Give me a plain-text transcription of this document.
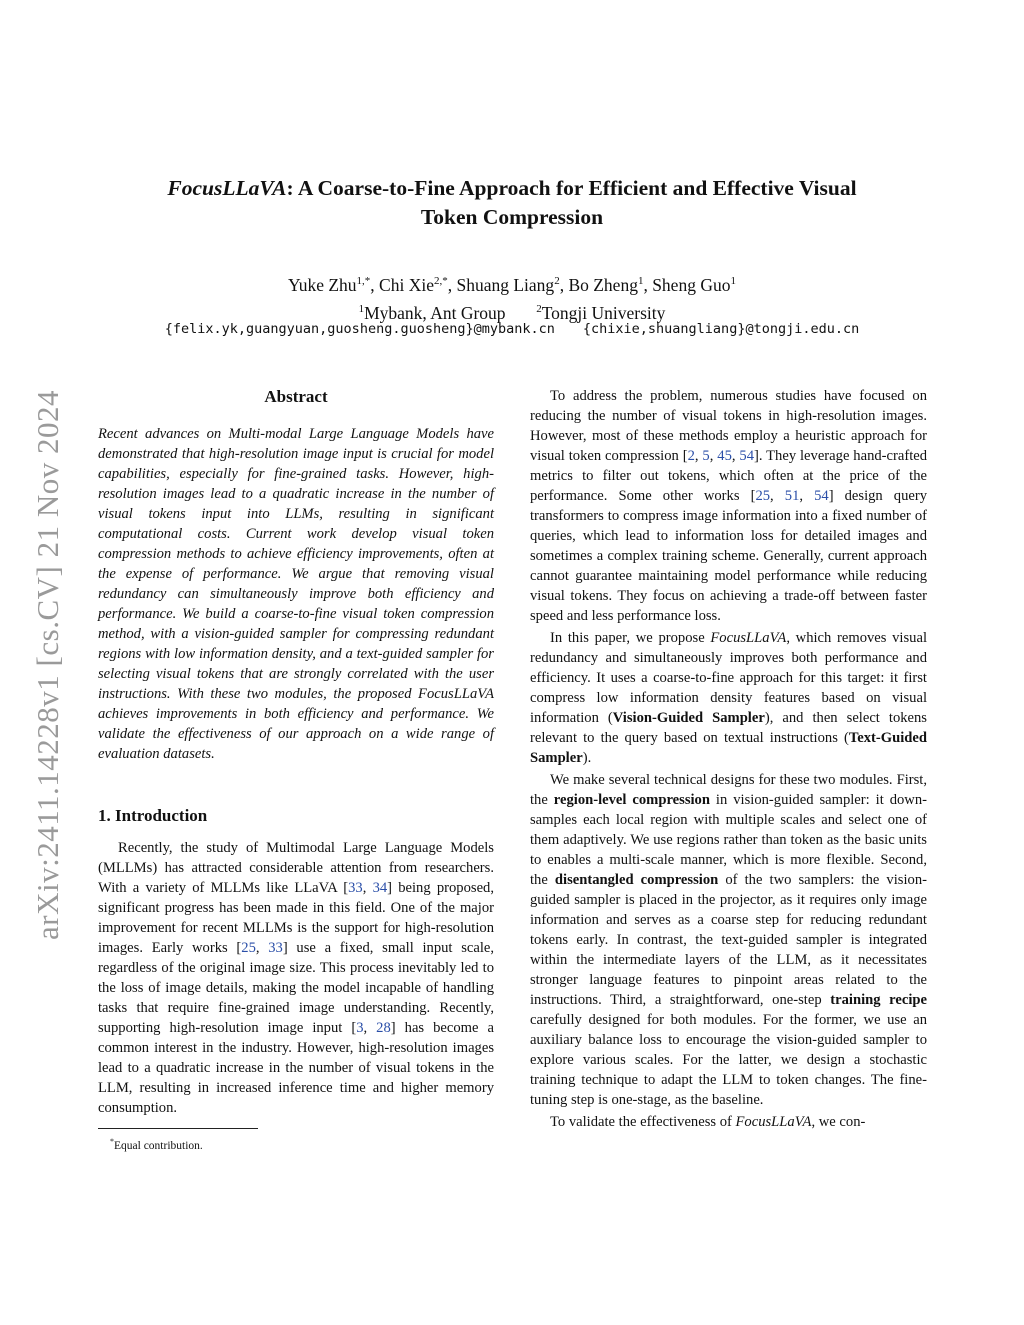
arXiv:2411.14228v1 [cs.CV] 21 Nov 2024
FocusLLaVA: A Coarse-to-Fine Approach for Efficient and Effective Visual
Token Compression
Yuke Zhu$^{1,*}$, Chi Xie$^{2,*}$, Shuang Liang$^2$, Bo Zheng$^1$, Sheng Guo$^1$
$^1$Mybank, Ant Group	$^2$Tongji University
{felix.yk,guangyuan,guosheng.guosheng}@mybank.cn {chixie,shuangliang}@tongji.edu.cn
Abstract

Recent advances on Multi-modal Large Language Models have demonstrated that high-resolution image input is crucial for model capabilities, especially for fine-grained tasks. However, high-resolution images lead to a quadratic increase in the number of visual tokens input into LLMs, resulting in significant computational costs. Current work develop visual token compression methods to achieve efficiency improvements, often at the expense of performance. We argue that removing visual redundancy can simultaneously improve both efficiency and performance. We build a coarse-to-fine visual token compression method, with a vision-guided sampler for compressing redundant regions with low information density, and a text-guided sampler for selecting visual tokens that are strongly correlated with the user instructions. With these two modules, the proposed FocusLLaVA achieves improvements in both efficiency and performance. We validate the effectiveness of our approach on a wide range of evaluation datasets.

1. Introduction

Recently, the study of Multimodal Large Language Models (MLLMs) has attracted considerable attention from researchers. With a variety of MLLMs like LLaVA [33, 34] being proposed, significant progress has been made in this field. One of the major improvement for recent MLLMs is the support for high-resolution images. Early works [25, 33] use a fixed, small input scale, regardless of the original image size. This process inevitably led to the loss of image details, making the model incapable of handling tasks that require fine-grained image understanding. Recently, supporting high-resolution image input [3, 28] has become a common interest in the industry. However, high-resolution images lead to a quadratic increase in the number of visual tokens in the LLM, resulting in increased inference time and higher memory consumption.

*Equal contribution.

To address the problem, numerous studies have focused on reducing the number of visual tokens in high-resolution images. However, most of these methods employ a heuristic approach for visual token compression [2, 5, 45, 54]. They leverage hand-crafted metrics to filter out tokens, which often at the price of the performance. Some other works [25, 51, 54] design query transformers to compress image information into a fixed number of queries, which lead to information loss for detailed images and sometimes a complex training scheme. Generally, current approach cannot guarantee maintaining model performance while reducing visual tokens. They focus on achieving a trade-off between faster speed and less performance loss.

In this paper, we propose FocusLLaVA, which removes visual redundancy and simultaneously improves both performance and efficiency. It uses a coarse-to-fine approach for this target: it first compress low information density features based on visual information (Vision-Guided Sampler), and then select tokens relevant to the query based on textual instructions (Text-Guided Sampler).

We make several technical designs for these two modules. First, the region-level compression in vision-guided sampler: it down-samples each local region with multiple scales and select one of them adaptively. We use regions rather than token as the basic units to enables a multi-scale manner, which is more flexible. Second, the disentangled compression of the two samplers: the vision-guided sampler is placed in the projector, as it requires only image information and serves as a coarse step for reducing redundant tokens early. In contrast, the text-guided sampler is integrated within the intermediate layers of the LLM, as it necessitates stronger language features to pinpoint areas related to the instructions. Third, a straightforward, one-step training recipe carefully designed for both modules. For the former, we use an auxiliary balance loss to encourage the vision-guided sampler to explore various scales. For the latter, we design a stochastic training technique to adapt the LLM to token changes. The fine-tuning step is one-stage, as the baseline.

To validate the effectiveness of FocusLLaVA, we con-
